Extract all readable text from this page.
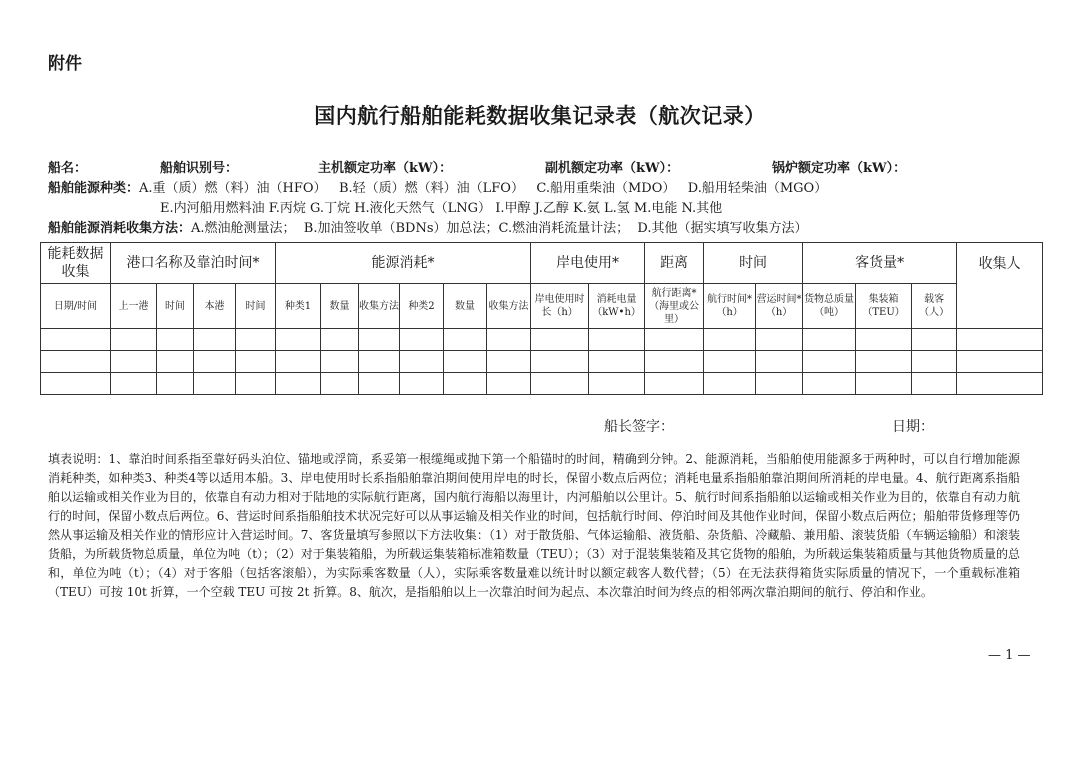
附件
国内航行船舶能耗数据收集记录表（航次记录）
船名：	船舶识别号：	主机额定功率（kW）：	副机额定功率（kW）：	锅炉额定功率（kW）：
船舶能源种类：A.重（质）燃（料）油（HFO）   B.轻（质）燃（料）油（LFO）   C.船用重柴油（MDO）   D.船用轻柴油（MGO）
E.内河船用燃料油 F.丙烷 G.丁烷 H.液化天然气（LNG） I.甲醇 J.乙醇 K.氨 L.氢 M.电能 N.其他
船舶能源消耗收集方法：A.燃油舱测量法；  B.加油签收单（BDNs）加总法；C.燃油消耗流量计法；  D.其他（据实填写收集方法）
能耗数据收集	港口名称及靠泊时间*				能源消耗*						岸电使用*		距离	时间		客货量*			收集人
日期/时间	上一港	时间	本港	时间	种类1	数量	收集方法	种类2	数量	收集方法	岸电使用时长（h）	消耗电量（kW•h）	航行距离*（海里或公里）	航行时间*（h）	营运时间*（h）	货物总质量（吨）	集装箱（TEU）	载客（人）	

船长签字：	日期：
填表说明：1、靠泊时间系指至靠好码头泊位、锚地或浮筒，系妥第一根缆绳或抛下第一个船锚时的时间，精确到分钟。2、能源消耗，当船舶使用能源多于两种时，可以自行增加能源消耗种类，如种类3、种类4等以适用本船。3、岸电使用时长系指船舶靠泊期间使用岸电的时长，保留小数点后两位；消耗电量系指船舶靠泊期间所消耗的岸电量。4、航行距离系指船舶以运输或相关作业为目的，依靠自有动力相对于陆地的实际航行距离，国内航行海船以海里计，内河船舶以公里计。5、航行时间系指船舶以运输或相关作业为目的，依靠自有动力航行的时间，保留小数点后两位。6、营运时间系指船舶技术状况完好可以从事运输及相关作业的时间，包括航行时间、停泊时间及其他作业时间，保留小数点后两位；船舶带货修理等仍然从事运输及相关作业的情形应计入营运时间。7、客货量填写参照以下方法收集：（1）对于散货船、气体运输船、液货船、杂货船、冷藏船、兼用船、滚装货船（车辆运输船）和滚装货船，为所载货物总质量，单位为吨（t）；（2）对于集装箱船，为所载运集装箱标准箱数量（TEU）；（3）对于混装集装箱及其它货物的船舶，为所载运集装箱质量与其他货物质量的总和，单位为吨（t）；（4）对于客船（包括客滚船），为实际乘客数量（人），实际乘客数量难以统计时以额定载客人数代替；（5）在无法获得箱货实际质量的情况下，一个重载标准箱（TEU）可按 10t 折算，一个空载 TEU 可按 2t 折算。8、航次，是指船舶以上一次靠泊时间为起点、本次靠泊时间为终点的相邻两次靠泊期间的航行、停泊和作业。
— 1 —
